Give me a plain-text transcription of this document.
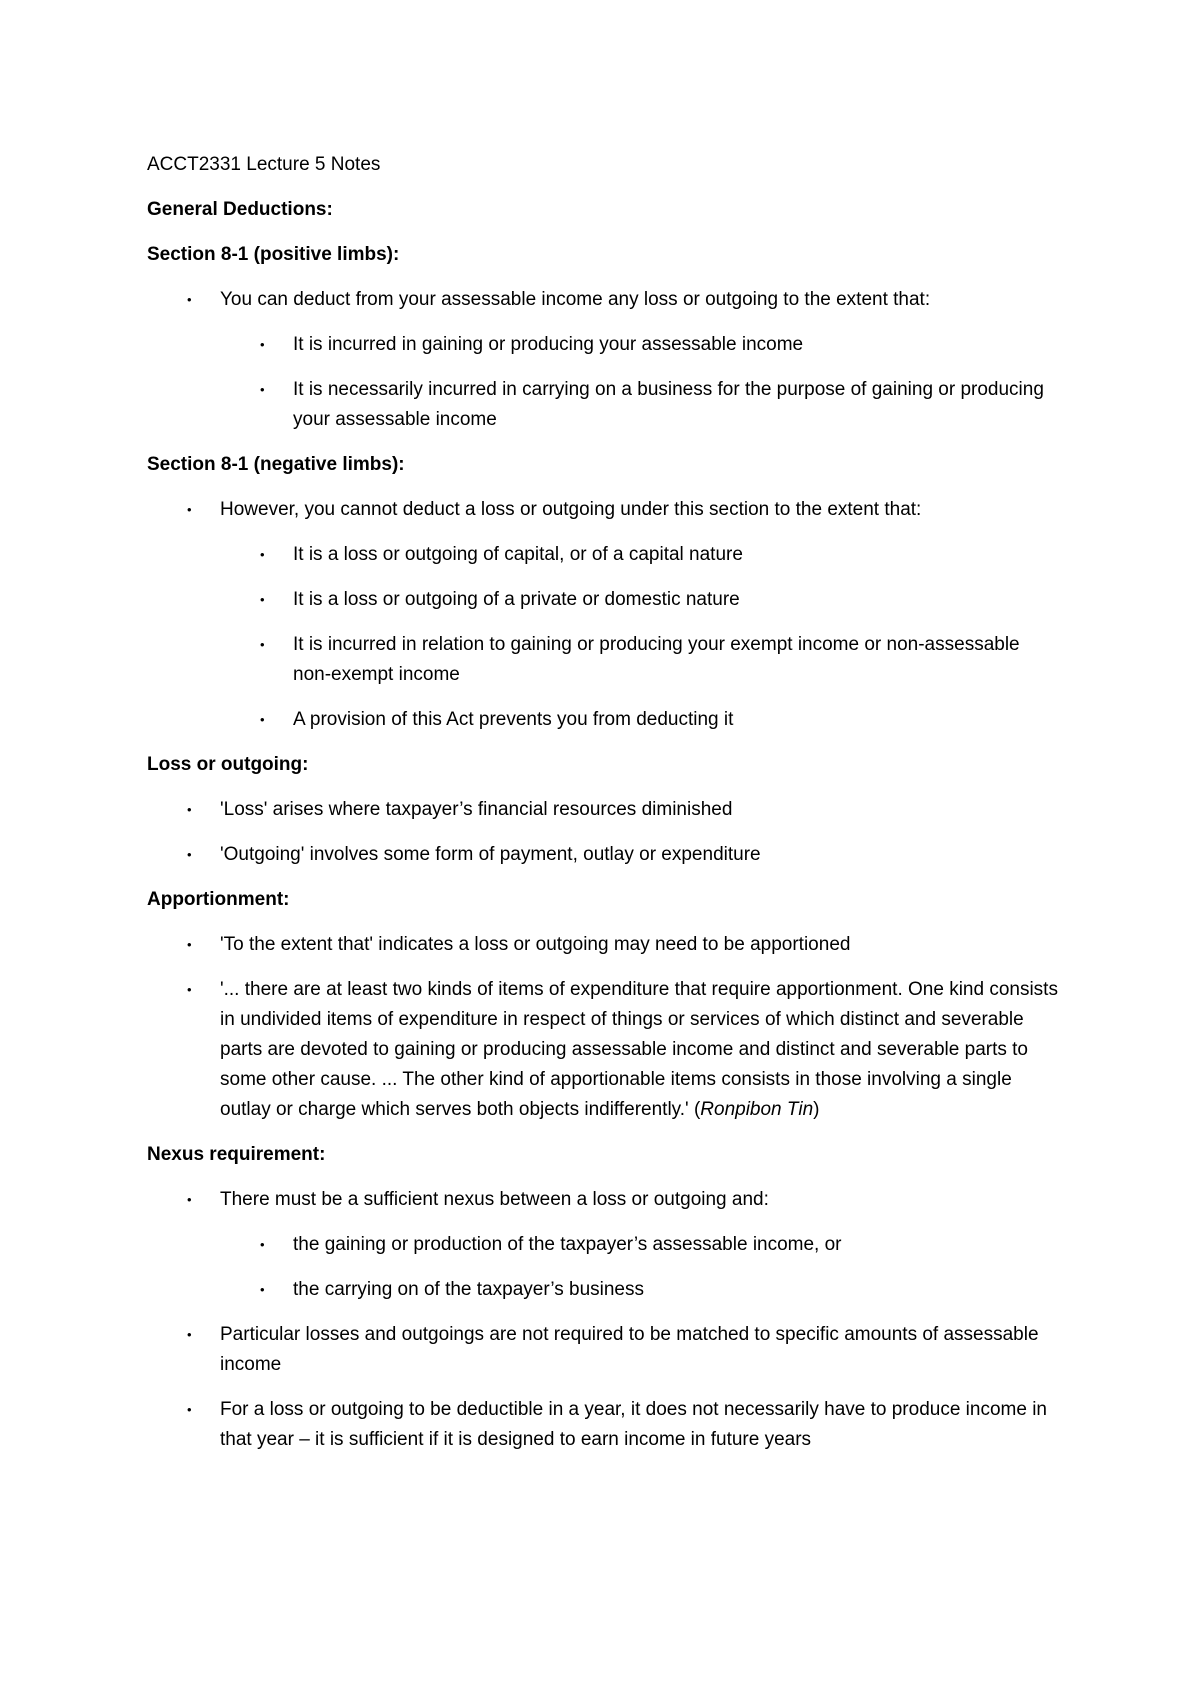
ACCT2331 Lecture 5 Notes

General Deductions:

Section 8-1 (positive limbs):

• You can deduct from your assessable income any loss or outgoing to the extent that:
• It is incurred in gaining or producing your assessable income
• It is necessarily incurred in carrying on a business for the purpose of gaining or producing your assessable income

Section 8-1 (negative limbs):

• However, you cannot deduct a loss or outgoing under this section to the extent that:
• It is a loss or outgoing of capital, or of a capital nature
• It is a loss or outgoing of a private or domestic nature
• It is incurred in relation to gaining or producing your exempt income or non-assessable non-exempt income
• A provision of this Act prevents you from deducting it

Loss or outgoing:

• 'Loss' arises where taxpayer’s financial resources diminished
• 'Outgoing' involves some form of payment, outlay or expenditure

Apportionment:

• 'To the extent that' indicates a loss or outgoing may need to be apportioned
• '... there are at least two kinds of items of expenditure that require apportionment. One kind consists in undivided items of expenditure in respect of things or services of which distinct and severable parts are devoted to gaining or producing assessable income and distinct and severable parts to some other cause. ... The other kind of apportionable items consists in those involving a single outlay or charge which serves both objects indifferently.' (Ronpibon Tin)

Nexus requirement:

• There must be a sufficient nexus between a loss or outgoing and:
• the gaining or production of the taxpayer’s assessable income, or
• the carrying on of the taxpayer’s business
• Particular losses and outgoings are not required to be matched to specific amounts of assessable income
• For a loss or outgoing to be deductible in a year, it does not necessarily have to produce income in that year – it is sufficient if it is designed to earn income in future years
